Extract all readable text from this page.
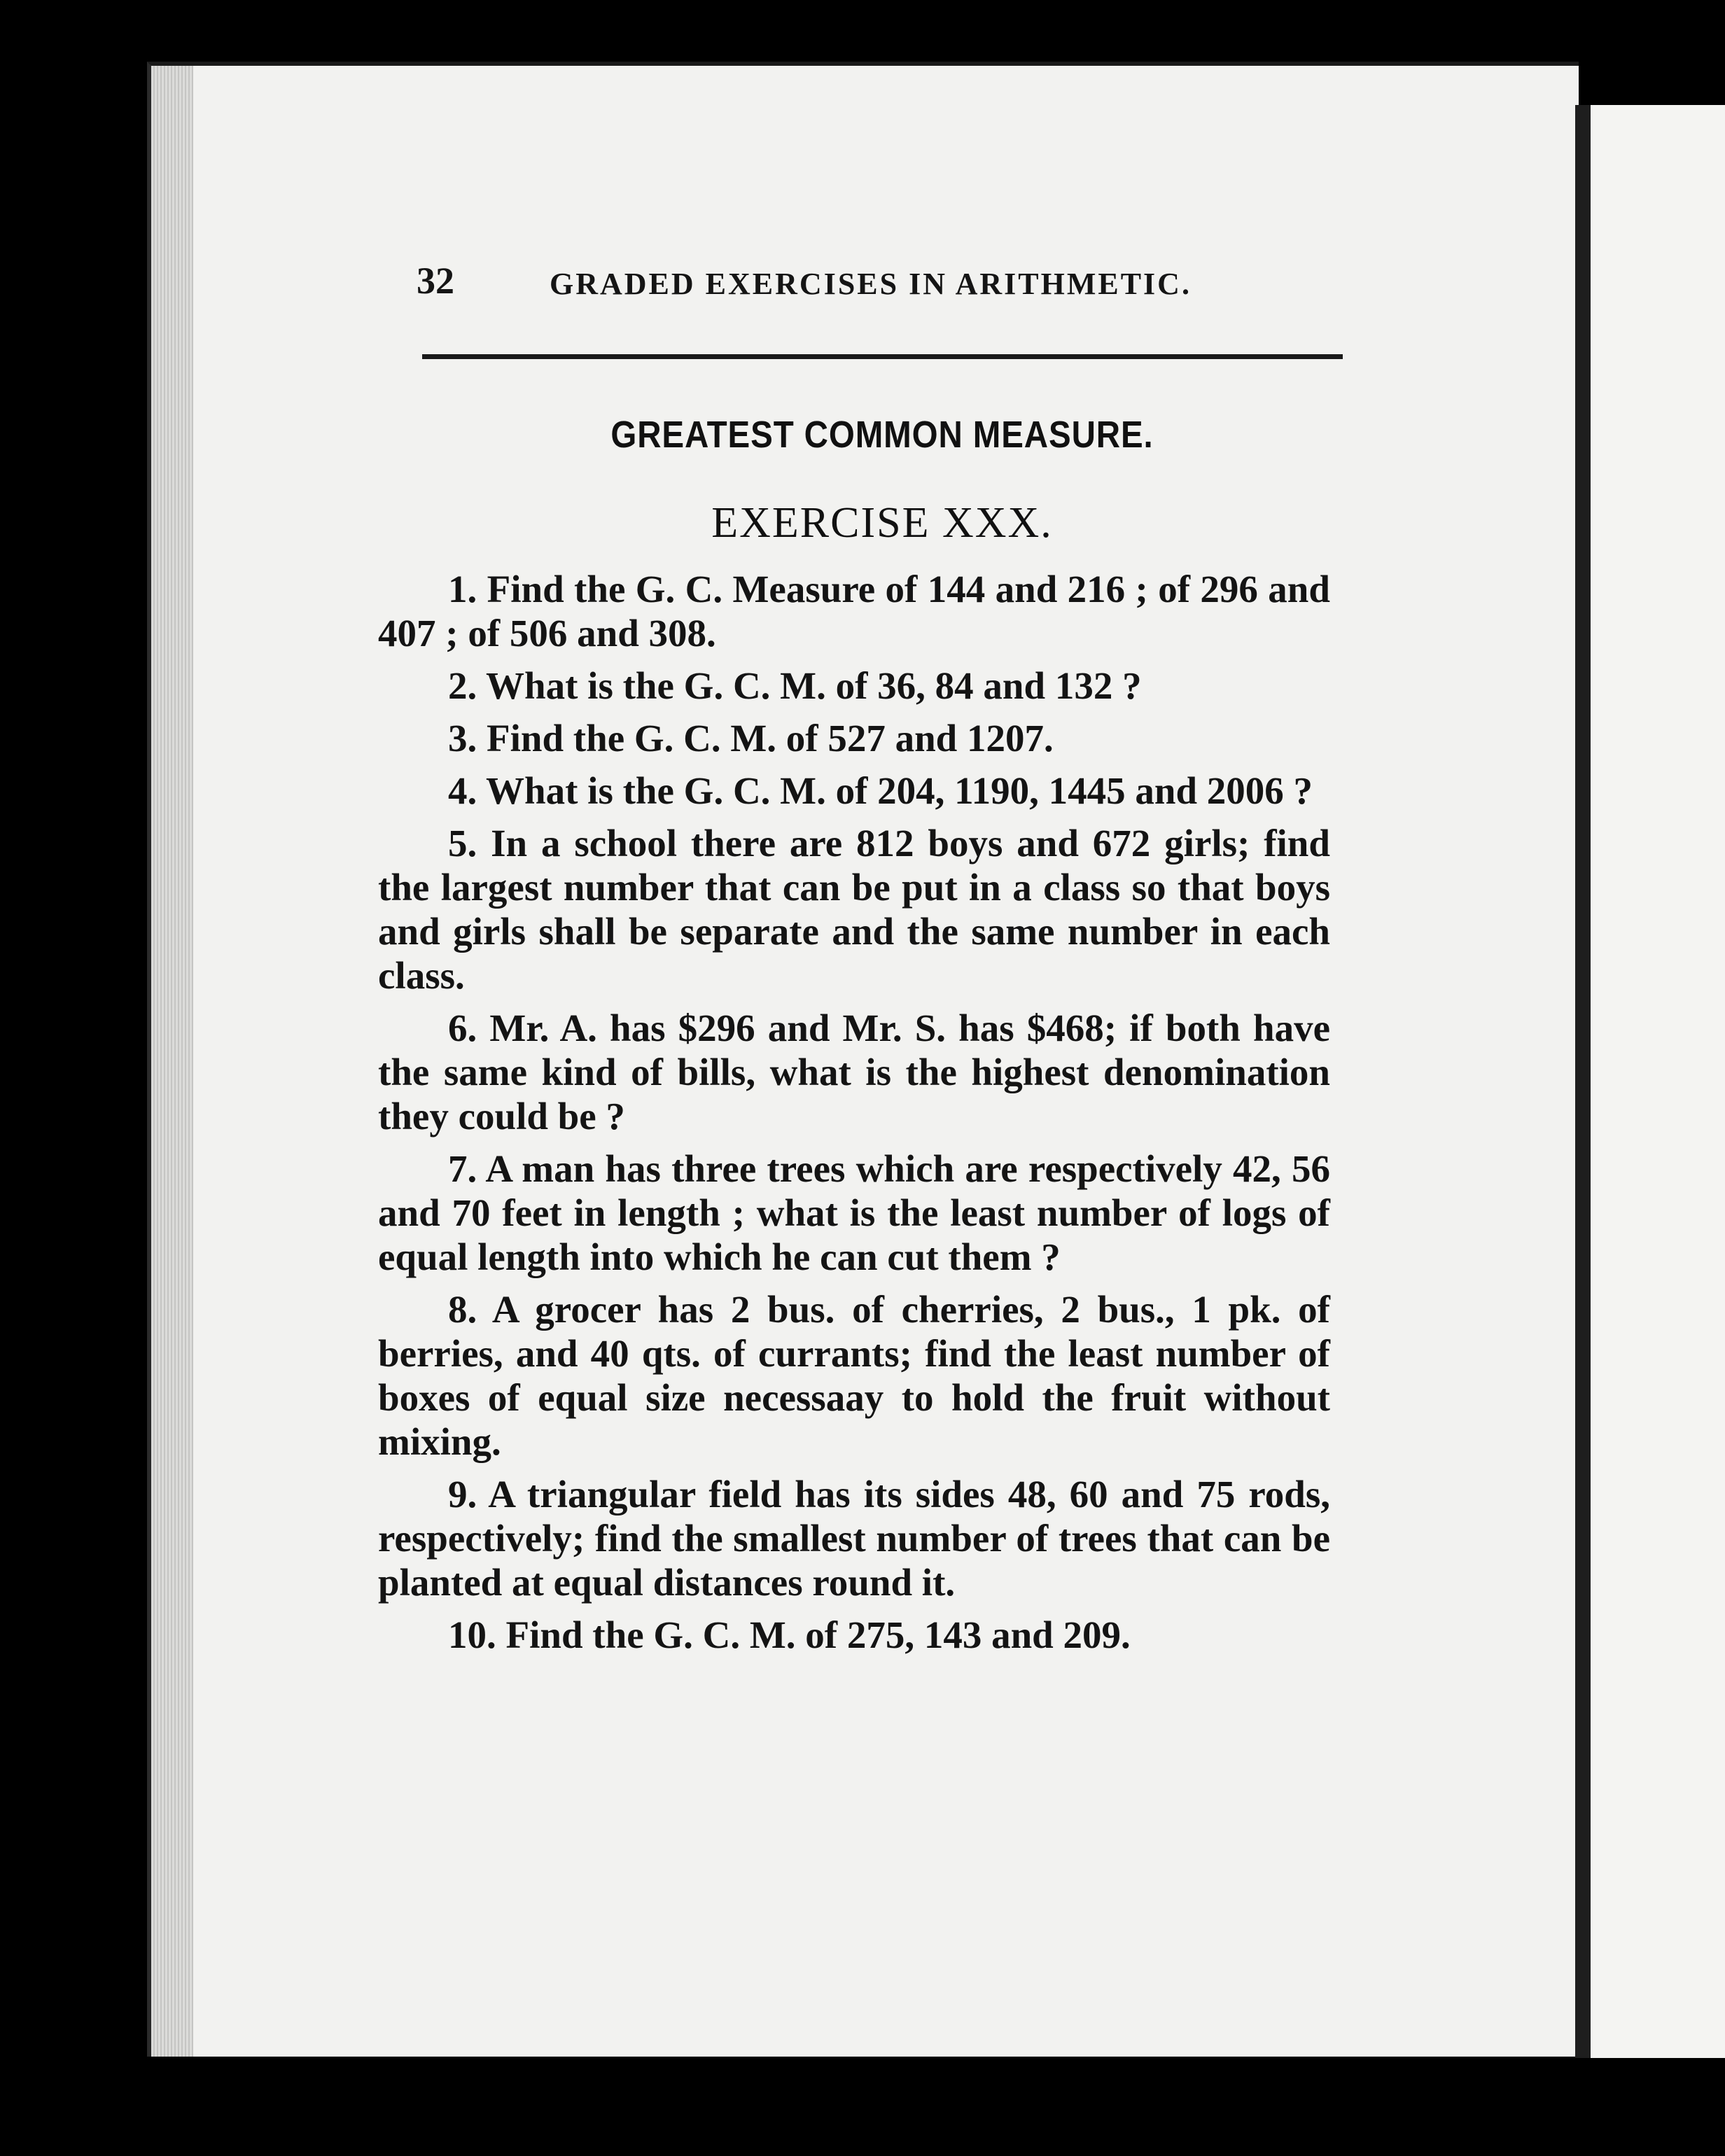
32	GRADED EXERCISES IN ARITHMETIC.
GREATEST COMMON MEASURE.
EXERCISE XXX.

1. Find the G. C. Measure of 144 and 216 ; of 296 and 407 ; of 506 and 308.

2. What is the G. C. M. of 36, 84 and 132 ?

3. Find the G. C. M. of 527 and 1207.

4. What is the G. C. M. of 204, 1190, 1445 and 2006 ?

5. In a school there are 812 boys and 672 girls; find the largest number that can be put in a class so that boys and girls shall be separate and the same number in each class.

6. Mr. A. has $296 and Mr. S. has $468; if both have the same kind of bills, what is the highest denomination they could be ?

7. A man has three trees which are respectively 42, 56 and 70 feet in length ; what is the least number of logs of equal length into which he can cut them ?

8. A grocer has 2 bus. of cherries, 2 bus., 1 pk. of berries, and 40 qts. of currants; find the least number of boxes of equal size necessaay to hold the fruit without mixing.

9. A triangular field has its sides 48, 60 and 75 rods, respectively; find the smallest number of trees that can be planted at equal distances round it.

10. Find the G. C. M. of 275, 143 and 209.
